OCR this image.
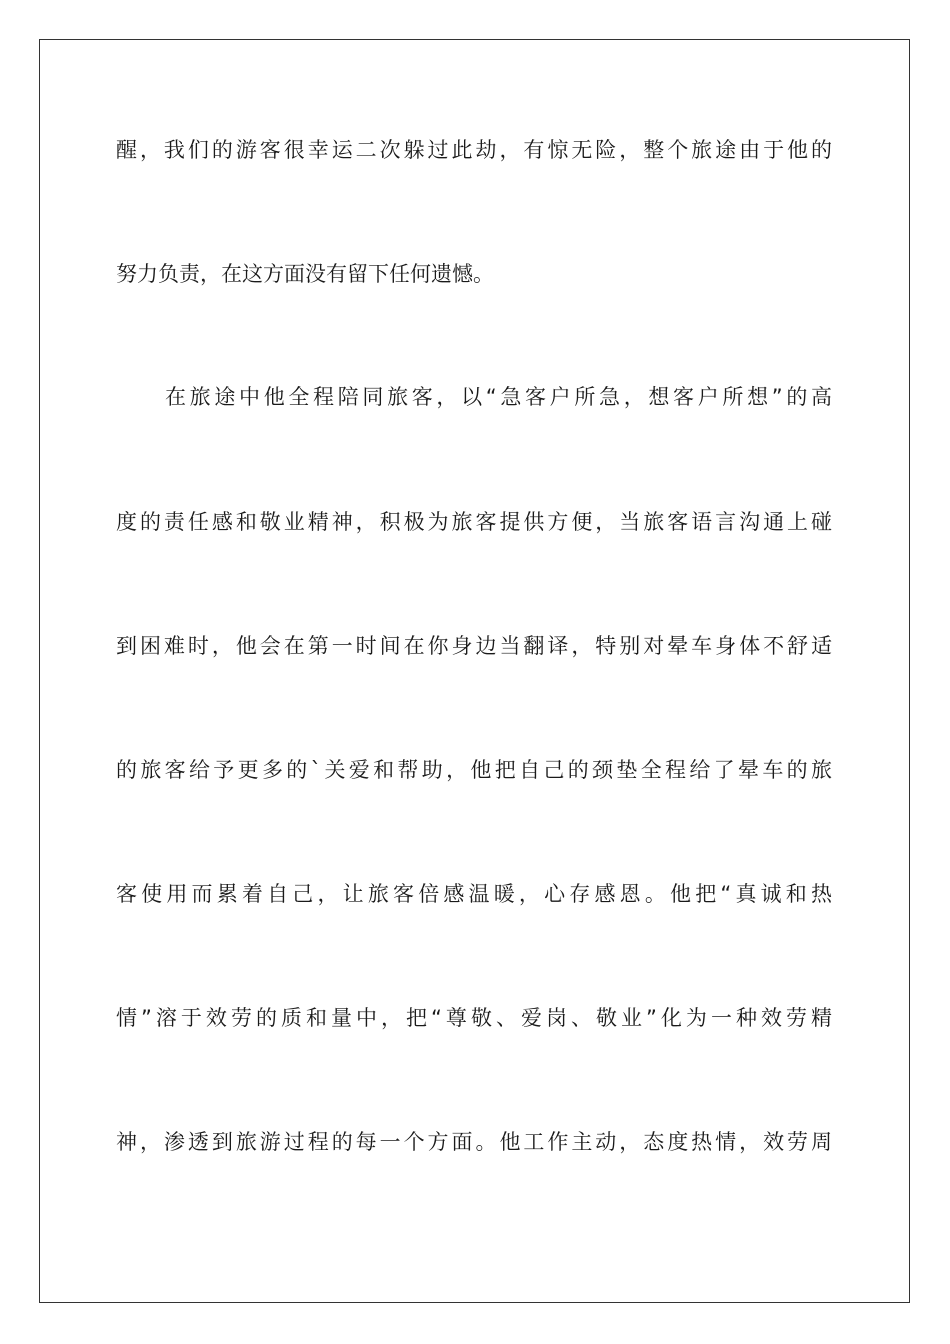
醒，我们的游客很幸运二次躲过此劫，有惊无险，整个旅途由于他的
努力负责，在这方面没有留下任何遗憾。
在旅途中他全程陪同旅客，以“急客户所急，想客户所想”的高
度的责任感和敬业精神，积极为旅客提供方便，当旅客语言沟通上碰
到困难时，他会在第一时间在你身边当翻译，特别对晕车身体不舒适
的旅客给予更多的`关爱和帮助，他把自己的颈垫全程给了晕车的旅
客使用而累着自己，让旅客倍感温暖，心存感恩。他把“真诚和热
情”溶于效劳的质和量中，把“尊敬、爱岗、敬业”化为一种效劳精
神，渗透到旅游过程的每一个方面。他工作主动，态度热情，效劳周
